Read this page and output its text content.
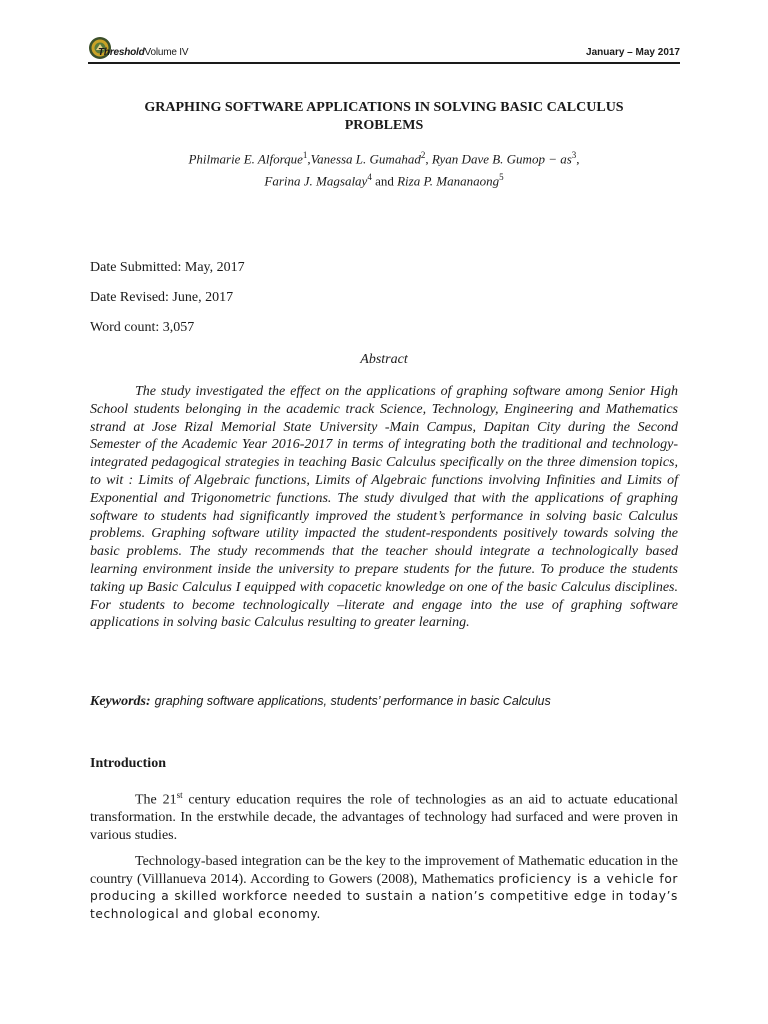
ThresholdVolume IV	January – May 2017
GRAPHING SOFTWARE APPLICATIONS IN SOLVING BASIC CALCULUS
PROBLEMS
Philmarie E. Alforque$^1$,Vanessa L. Gumahad$^2$, Ryan Dave B. Gumop − $as^3$,
Farina J. Magsalay$^4$ and Riza P. Mananaong$^5$
Date Submitted: May, 2017
Date Revised: June, 2017
Word count: 3,057
Abstract

The study investigated the effect on the applications of graphing software among Senior High School students belonging in the academic track Science, Technology, Engineering and Mathematics strand at Jose Rizal Memorial State University -Main Campus, Dapitan City during the Second Semester of the Academic Year 2016-2017 in terms of integrating both the traditional and technology- integrated pedagogical strategies in teaching Basic Calculus specifically on the three dimension topics, to wit : Limits of Algebraic functions, Limits of Algebraic functions involving Infinities and Limits of Exponential and Trigonometric functions. The study divulged that with the applications of graphing software to students had significantly improved the student’s performance in solving basic Calculus problems. Graphing software utility impacted the student-respondents positively towards solving the basic problems. The study recommends that the teacher should integrate a technologically based learning environment inside the university to prepare students for the future. To produce the students taking up Basic Calculus I equipped with copacetic knowledge on one of the basic Calculus disciplines. For students to become technologically –literate and engage into the use of graphing software applications in solving basic Calculus resulting to greater learning.

Keywords: graphing software applications, students’ performance in basic Calculus
Introduction

The 21st century education requires the role of technologies as an aid to actuate educational transformation. In the erstwhile decade, the advantages of technology had surfaced and were proven in various studies.

Technology-based integration can be the key to the improvement of Mathematic education in the country (Villlanueva 2014). According to Gowers (2008), Mathematics proficiency is a vehicle for producing a skilled workforce needed to sustain a nation’s competitive edge in today’s technological and global economy.
